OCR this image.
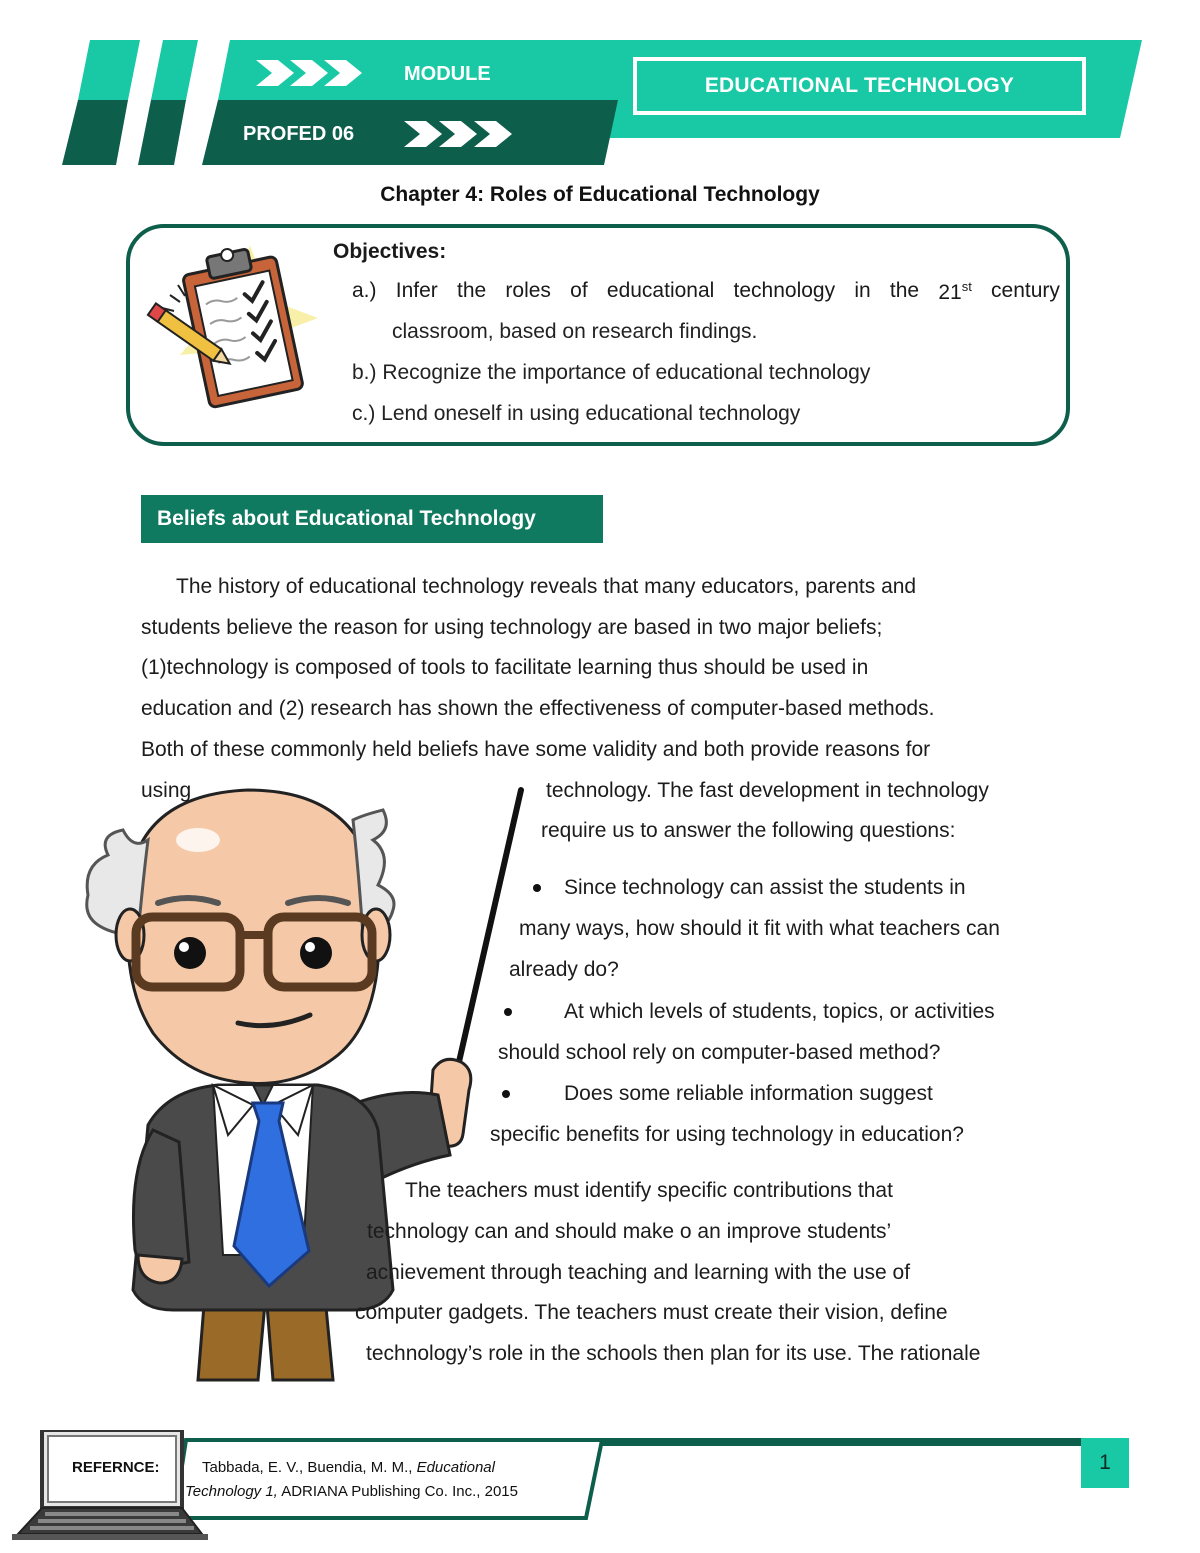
MODULE
PROFED 06
EDUCATIONAL TECHNOLOGY
Chapter 4: Roles of Educational Technology
Objectives:
a.) Infer the roles of educational technology in the 21st century
classroom, based on research findings.
b.) Recognize the importance of educational technology
c.) Lend oneself in using educational technology
Beliefs about Educational Technology
The history of educational technology reveals that many educators, parents and
students believe the reason for using technology are based in two major beliefs;
(1)technology is composed of tools to facilitate learning thus should be used in
education and (2) research has shown the effectiveness of computer-based methods.
Both of these commonly held beliefs have some validity and both provide reasons for
using	technology. The fast development in technology
require us to answer the following questions:
Since technology can assist the students in
many ways, how should it fit with what teachers can
already do?
At which levels of students, topics, or activities
should school rely on computer-based method?
Does some reliable information suggest
specific benefits for using technology in education?
The teachers must identify specific contributions that
technology can and should make o an improve students’
achievement through teaching and learning with the use of
computer gadgets. The teachers must create their vision, define
technology’s role in the schools then plan for its use. The rationale
REFERNCE:	Tabbada, E. V., Buendia, M. M., Educational
Technology 1, ADRIANA Publishing Co. Inc., 2015
1
